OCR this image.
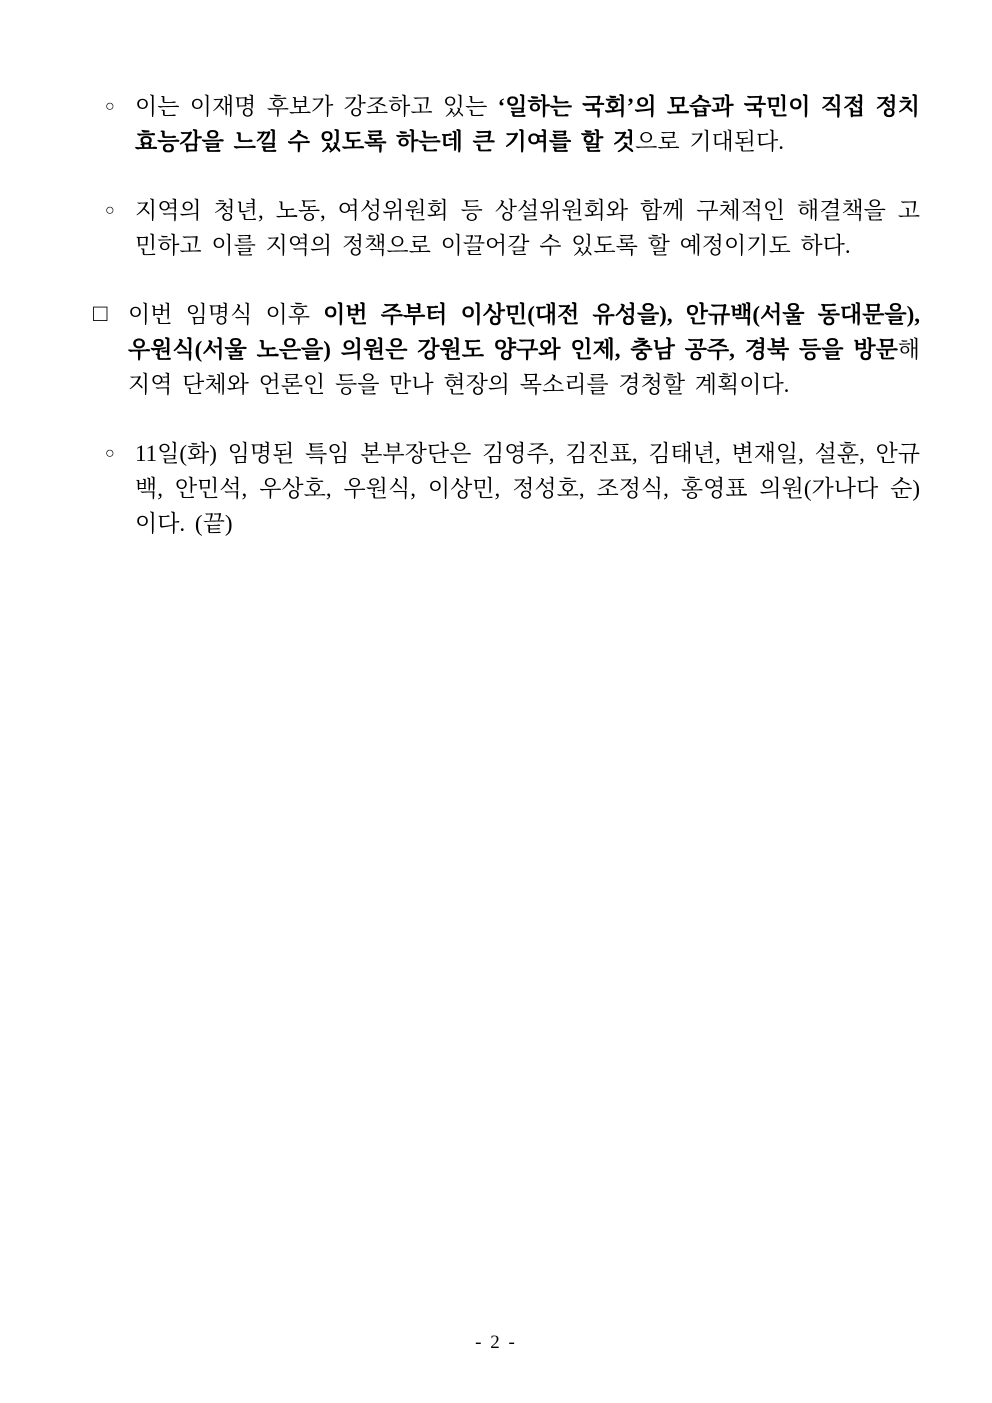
○ 이는 이재명 후보가 강조하고 있는 ‘일하는 국회’의 모습과 국민이 직접 정치효능감을 느낄 수 있도록 하는데 큰 기여를 할 것으로 기대된다.
○ 지역의 청년, 노동, 여성위원회 등 상설위원회와 함께 구체적인 해결책을 고민하고 이를 지역의 정책으로 이끌어갈 수 있도록 할 예정이기도 하다.
□ 이번 임명식 이후 이번 주부터 이상민(대전 유성을), 안규백(서울 동대문을), 우원식(서울 노은을) 의원은 강원도 양구와 인제, 충남 공주, 경북 등을 방문해 지역 단체와 언론인 등을 만나 현장의 목소리를 경청할 계획이다.
○ 11일(화) 임명된 특임 본부장단은 김영주, 김진표, 김태년, 변재일, 설훈, 안규백, 안민석, 우상호, 우원식, 이상민, 정성호, 조정식, 홍영표 의원(가나다 순)이다. (끝)
- 2 -
